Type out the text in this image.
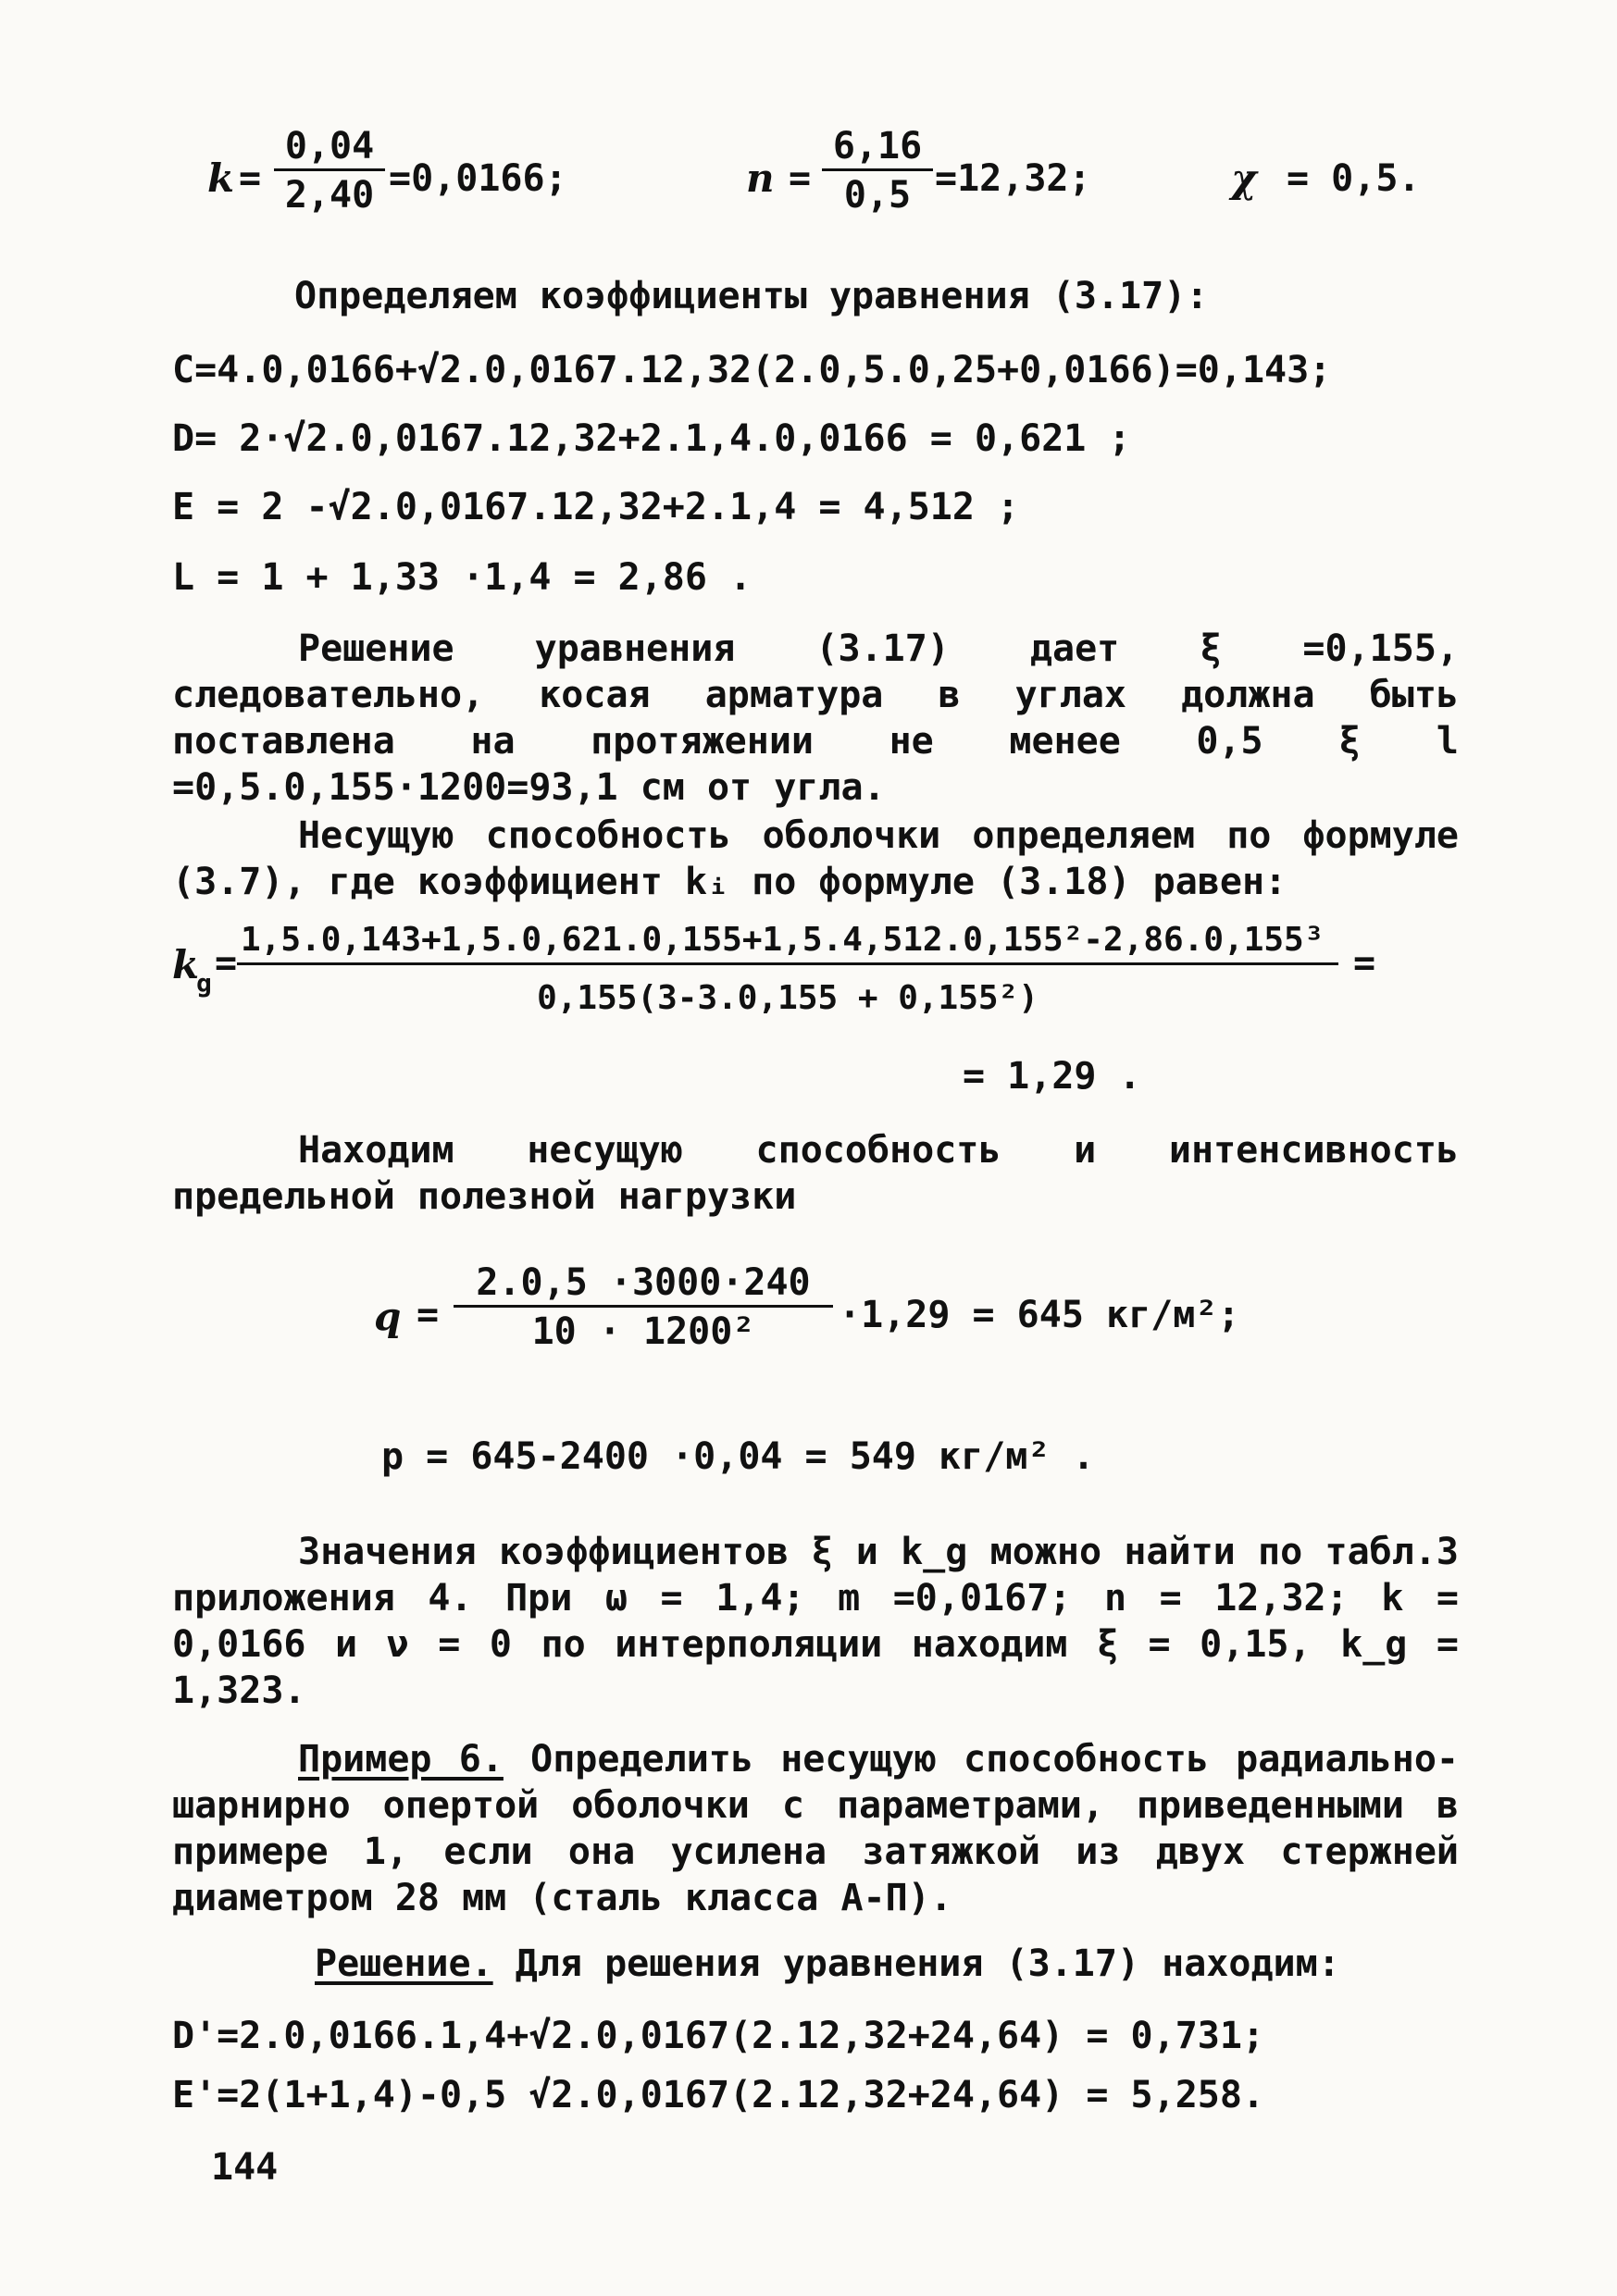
$k = \frac{0,04}{2,40} =0,0166$;	$n = \frac{6,16}{0,5} =12,32$;	χ = 0,5.
Определяем коэффициенты уравнения (3.17):
C=4.0,0166+√2.0,0167.12,32(2.0,5.0,25+0,0166)=0,143;
D= 2·√2.0,0167.12,32+2.1,4.0,0166 = 0,621 ;
E = 2 -√2.0,0167.12,32+2.1,4 = 4,512 ;
L = 1 + 1,33 ·1,4 = 2,86 .
Решение уравнения (3.17) дает ξ =0,155, следовательно, косая арматура в углах должна быть поставлена на протяжении не менее 0,5 ξ l =0,5.0,155·1200=93,1 см от угла.
Несущую способность оболочки определяем по формуле (3.7), где коэффициент kᵢ по формуле (3.18) равен:
k
$g = \frac{\text{1,5.0,143+1,5.0,621.0,155+1,5.4,512.0,155²-2,86.0,155³}}{\text{0,155(3-3.0,155 + 0,155²)}}$ =
= 1,29 .
Находим несущую способность и интенсивность предельной полезной нагрузки
$q = \frac{2.0,5 \cdot 3000\cdot 240}{\text{10 · 1200²}} \cdot 1,29 = 645$ кг/м²;
p = 645-2400 ·0,04 = 549 кг/м² .
Значения коэффициентов ξ и k_g можно найти по табл.3 приложения 4. При ω = 1,4; m =0,0167; n = 12,32; k = 0,0166 и ν = 0 по интерполяции находим ξ = 0,15, k_g = 1,323.
Пример 6. Определить несущую способность радиально-шарнирно опертой оболочки с параметрами, приведенными в примере 1, если она усилена затяжкой из двух стержней диаметром 28 мм (сталь класса А-П).
Решение. Для решения уравнения (3.17) находим:
D'=2.0,0166.1,4+√2.0,0167(2.12,32+24,64) = 0,731;
E'=2(1+1,4)-0,5 √2.0,0167(2.12,32+24,64) = 5,258.
144
